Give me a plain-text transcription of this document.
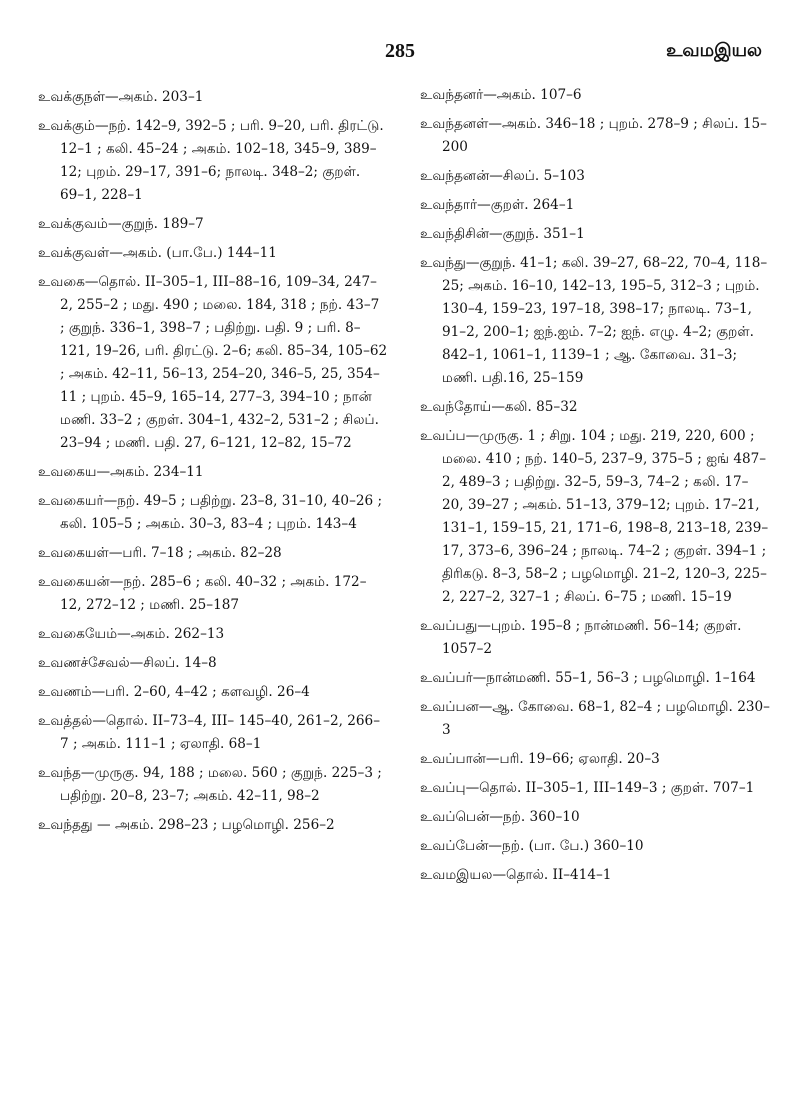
285	உவமஇயல
உவக்குநள்—அகம். 203–1
உவக்கும்—நற். 142–9, 392–5 ; பரி. 9–20, பரி. திரட்டு. 12–1 ; கலி. 45–24 ; அகம். 102–18, 345–9, 389–12; புறம். 29–17, 391–6; நாலடி. 348–2; குறள். 69–1, 228–1
உவக்குவம்—குறுந். 189–7
உவக்குவள்—அகம். (பா.பே.) 144–11
உவகை—தொல். II–305–1, III–88–16, 109–34, 247–2, 255–2 ; மது. 490 ; மலை. 184, 318 ; நற். 43–7 ; குறுந். 336–1, 398–7 ; பதிற்று. பதி. 9 ; பரி. 8–121, 19–26, பரி. திரட்டு. 2–6; கலி. 85–34, 105–62 ; அகம். 42–11, 56–13, 254–20, 346–5, 25, 354–11 ; புறம். 45–9, 165–14, 277–3, 394–10 ; நான் மணி. 33–2 ; குறள். 304–1, 432–2, 531–2 ; சிலப். 23–94 ; மணி. பதி. 27, 6–121, 12–82, 15–72
உவகைய—அகம். 234–11
உவகையர்—நற். 49–5 ; பதிற்று. 23–8, 31–10, 40–26 ; கலி. 105–5 ; அகம். 30–3, 83–4 ; புறம். 143–4
உவகையள்—பரி. 7–18 ; அகம். 82–28
உவகையன்—நற். 285–6 ; கலி. 40–32 ; அகம். 172–12, 272–12 ; மணி. 25–187
உவகையேம்—அகம். 262–13
உவணச்சேவல்—சிலப். 14–8
உவணம்—பரி. 2–60, 4–42 ; களவழி. 26–4
உவத்தல்—தொல். II–73–4, III– 145–40, 261–2, 266–7 ; அகம். 111–1 ; ஏலாதி. 68–1
உவந்த—முருகு. 94, 188 ; மலை. 560 ; குறுந். 225–3 ; பதிற்று. 20–8, 23–7; அகம். 42–11, 98–2
உவந்தது — அகம். 298–23 ; பழமொழி. 256–2
உவந்தனர்—அகம். 107–6
உவந்தனள்—அகம். 346–18 ; புறம். 278–9 ; சிலப். 15–200
உவந்தனன்—சிலப். 5–103
உவந்தார்—குறள். 264–1
உவந்திசின்—குறுந். 351–1
உவந்து—குறுந். 41–1; கலி. 39–27, 68–22, 70–4, 118–25; அகம். 16–10, 142–13, 195–5, 312–3 ; புறம். 130–4, 159–23, 197–18, 398–17; நாலடி. 73–1, 91–2, 200–1; ஐந்.ஐம். 7–2; ஐந். எழு. 4–2; குறள். 842–1, 1061–1, 1139–1 ; ஆ. கோவை. 31–3; மணி. பதி.16, 25–159
உவந்தோய்—கலி. 85–32
உவப்ப—முருகு. 1 ; சிறு. 104 ; மது. 219, 220, 600 ; மலை. 410 ; நற். 140–5, 237–9, 375–5 ; ஐங் 487–2, 489–3 ; பதிற்று. 32–5, 59–3, 74–2 ; கலி. 17–20, 39–27 ; அகம். 51–13, 379–12; புறம். 17–21, 131–1, 159–15, 21, 171–6, 198–8, 213–18, 239–17, 373–6, 396–24 ; நாலடி. 74–2 ; குறள். 394–1 ; திரிகடு. 8–3, 58–2 ; பழமொழி. 21–2, 120–3, 225–2, 227–2, 327–1 ; சிலப். 6–75 ; மணி. 15–19
உவப்பது—புறம். 195–8 ; நான்மணி. 56–14; குறள். 1057–2
உவப்பர்—நான்மணி. 55–1, 56–3 ; பழமொழி. 1–164
உவப்பன—ஆ. கோவை. 68–1, 82–4 ; பழமொழி. 230–3
உவப்பான்—பரி. 19–66; ஏலாதி. 20–3
உவப்பு—தொல். II–305–1, III–149–3 ; குறள். 707–1
உவப்பென்—நற். 360–10
உவப்பேன்—நற். (பா. பே.) 360–10
உவமஇயல—தொல். II–414–1
